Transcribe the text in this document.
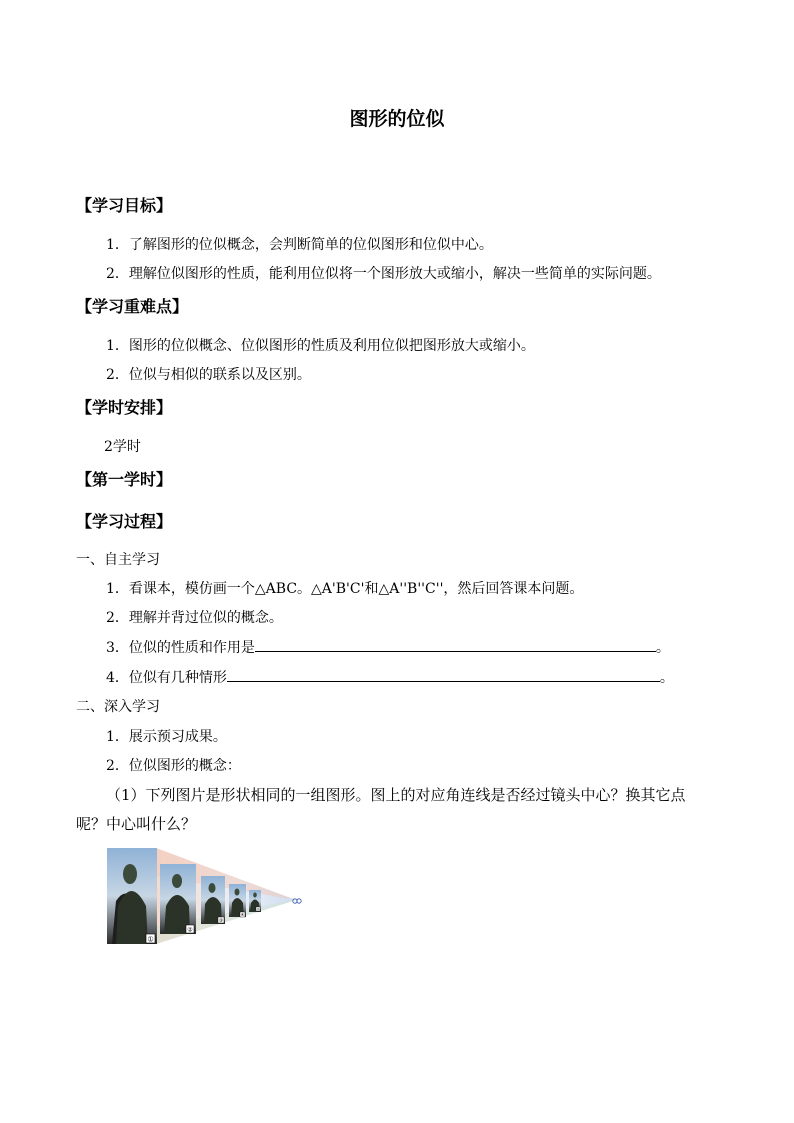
图形的位似
【学习目标】
1．了解图形的位似概念，会判断简单的位似图形和位似中心。
2．理解位似图形的性质，能利用位似将一个图形放大或缩小，解决一些简单的实际问题。
【学习重难点】
1．图形的位似概念、位似图形的性质及利用位似把图形放大或缩小。
2．位似与相似的联系以及区别。
【学时安排】
2学时
【第一学时】
【学习过程】
一、自主学习
1．看课本，模仿画一个△ABC。△A'B'C'和△A''B''C''，然后回答课本问题。
2．理解并背过位似的概念。
3．位似的性质和作用是	。
4．位似有几种情形	。
二、深入学习
1．展示预习成果。
2．位似图形的概念：
（1）下列图片是形状相同的一组图形。图上的对应角连线是否经过镜头中心？换其它点
呢？中心叫什么？
①
②
③
④
⑤
